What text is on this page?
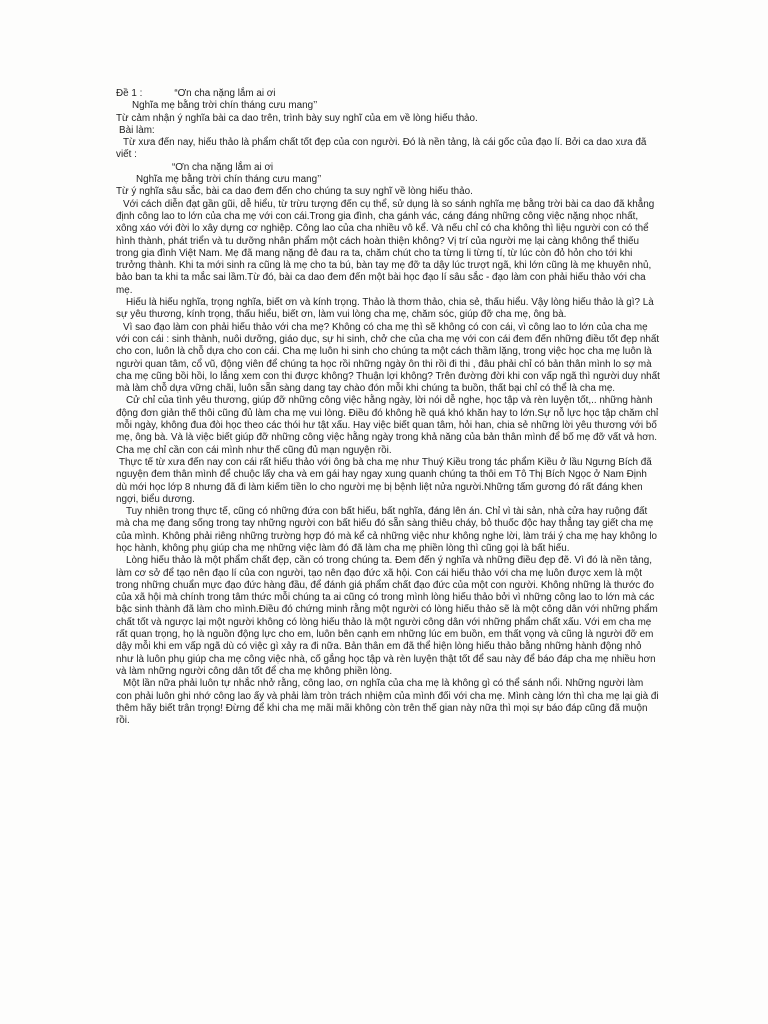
Đề 1 :	“Ơn cha nặng lắm ai ơi

Nghĩa mẹ bằng trời chín tháng cưu mang’’

Từ cảm nhận ý nghĩa bài ca dao trên, trình bày suy nghĩ của em về lòng hiếu thảo.

Bài làm:

Từ xưa đến nay, hiếu thảo là phẩm chất tốt đẹp của con người. Đó là nền tảng, là cái gốc của đạo lí. Bởi ca dao xưa đã viết :

“Ơn cha nặng lắm ai ơi

Nghĩa mẹ bằng trời chín tháng cưu mang’’

Từ ý nghĩa sâu sắc, bài ca dao đem đến cho chúng ta suy nghĩ về lòng hiếu thảo.

Với cách diễn đạt gần gũi, dễ hiểu, từ trừu tượng đến cụ thể, sử dụng là so sánh nghĩa mẹ bằng trời bài ca dao đã khẳng định công lao to lớn của cha mẹ với con cái.Trong gia đình, cha gánh vác, cáng đáng những công việc nặng nhọc nhất, xông xáo với đời lo xây dựng cơ nghiệp. Công lao của cha nhiều vô kể. Và nếu chỉ có cha không thì liệu người con có thể hình thành, phát triển và tu dưỡng nhân phẩm một cách hoàn thiện không? Vị trí của người mẹ lại càng không thể thiếu trong gia đình Việt Nam. Mẹ đã mang nặng đẻ đau ra ta, chăm chút cho ta từng li từng tí, từ lúc còn đỏ hỏn cho tới khi trưởng thành. Khi ta mới sinh ra cũng là mẹ cho ta bú, bàn tay mẹ đỡ ta dậy lúc trượt ngã, khi lớn cũng là mẹ khuyên nhủ, bảo ban ta khi ta mắc sai lầm.Từ đó, bài ca dao đem đến một bài học đạo lí sâu sắc - đạo làm con phải hiếu thảo với cha mẹ.

Hiếu là hiếu nghĩa, trọng nghĩa, biết ơn và kính trọng. Thảo là thơm thảo, chia sẻ, thấu hiểu. Vậy lòng hiếu thảo là gì? Là sự yêu thương, kính trọng, thấu hiểu, biết ơn, làm vui lòng cha mẹ, chăm sóc, giúp đỡ cha mẹ, ông bà.

Vì sao đạo làm con phải hiếu thảo với cha mẹ? Không có cha mẹ thì sẽ không có con cái, vì công lao to lớn của cha mẹ với con cái : sinh thành, nuôi dưỡng, giáo dục, sự hi sinh, chở che của cha mẹ với con cái đem đến những điều tốt đẹp nhất cho con, luôn là chỗ dựa cho con cái. Cha mẹ luôn hi sinh cho chúng ta một cách thầm lặng, trong việc học cha mẹ luôn là người quan tâm, cổ vũ, động viên để chúng ta học rồi những ngày ôn thi rồi đi thi , đâu phải chỉ có bản thân mình lo sợ mà cha mẹ cũng bồi hồi, lo lắng xem con thi được không? Thuận lợi không? Trên đường đời khi con vấp ngã thì người duy nhất mà làm chỗ dựa vững chãi, luôn sẵn sàng dang tay chào đón mỗi khi chúng ta buồn, thất bại chỉ có thể là cha mẹ.

Cử chỉ của tình yêu thương, giúp đỡ những công việc hằng ngày, lời nói dễ nghe, học tập và rèn luyện tốt,.. những hành động đơn giản thế thôi cũng đủ làm cha mẹ vui lòng. Điều đó không hề quá khó khăn hay to lớn.Sự nỗ lực học tập chăm chỉ mỗi ngày, không đua đòi học theo các thói hư tật xấu. Hay việc biết quan tâm, hỏi han, chia sẻ những lời yêu thương với bố mẹ, ông bà. Và là việc biết giúp đỡ những công việc hằng ngày trong khả năng của bản thân mình để bố mẹ đỡ vất vả hơn. Cha mẹ chỉ cần con cái mình như thế cũng đủ mạn nguyện rồi.

Thực tế từ xưa đến nay con cái rất hiếu thảo với ông bà cha mẹ như Thuý Kiều trong tác phẩm Kiều ở lầu Ngưng Bích đã nguyện đem thân mình để chuộc lấy cha và em gái hay ngay xung quanh chúng ta thôi em Tô Thị Bích Ngọc ở Nam Định dù mới học lớp 8 nhưng đã đi làm kiếm tiền lo cho người mẹ bị bệnh liệt nửa người.Những tấm gương đó rất đáng khen ngợi, biểu dương.

Tuy nhiên trong thực tế, cũng có những đứa con bất hiếu, bất nghĩa, đáng lên án. Chỉ vì tài sản, nhà cửa hay ruộng đất mà cha mẹ đang sống trong tay những người con bất hiếu đó sẵn sàng thiêu cháy, bỏ thuốc độc hay thẳng tay giết cha mẹ của mình. Không phải riêng những trường hợp đó mà kể cả những việc như không nghe lời, làm trái ý cha mẹ hay không lo học hành, không phụ giúp cha mẹ những việc làm đó đã làm cha mẹ phiền lòng thì cũng gọi là bất hiếu.

Lòng hiếu thảo là một phẩm chất đẹp, cần có trong chúng ta. Đem đến ý nghĩa và những điều đẹp đẽ. Vì đó là nền tảng, làm cơ sở để tạo nên đạo lí của con người, tạo nên đạo đức xã hội. Con cái hiếu thảo với cha mẹ luôn được xem là một trong những chuẩn mực đạo đức hàng đầu, để đánh giá phẩm chất đạo đức của một con người. Không những là thước đo của xã hội mà chính trong tâm thức mỗi chúng ta ai cũng có trong mình lòng hiếu thảo bởi vì những công lao to lớn mà các bậc sinh thành đã làm cho mình.Điều đó chứng minh rằng một người có lòng hiếu thảo sẽ là một công dân với những phẩm chất tốt và ngược lại một người không có lòng hiếu thảo là một người công dân với những phẩm chất xấu. Với em cha mẹ rất quan trọng, họ là nguồn động lực cho em, luôn bên cạnh em những lúc em buồn, em thất vọng và cũng là người đỡ em dậy mỗi khi em vấp ngã dù có việc gì xảy ra đi nữa. Bản thân em đã thể hiện lòng hiếu thảo bằng những hành động nhỏ như là luôn phụ giúp cha mẹ công việc nhà, cố gắng học tập và rèn luyện thật tốt để sau này để báo đáp cha mẹ nhiều hơn và làm những người công dân tốt để cha mẹ không phiền lòng.

Một lần nữa phải luôn tự nhắc nhở rằng, công lao, ơn nghĩa của cha mẹ là không gì có thể sánh nổi. Những người làm con phải luôn ghi nhớ công lao ấy và phải làm tròn trách nhiệm của mình đối với cha mẹ. Mình càng lớn thì cha mẹ lại già đi thêm hãy biết trân trọng! Đừng để khi cha mẹ mãi mãi không còn trên thế gian này nữa thì mọi sự báo đáp cũng đã muộn rồi.
